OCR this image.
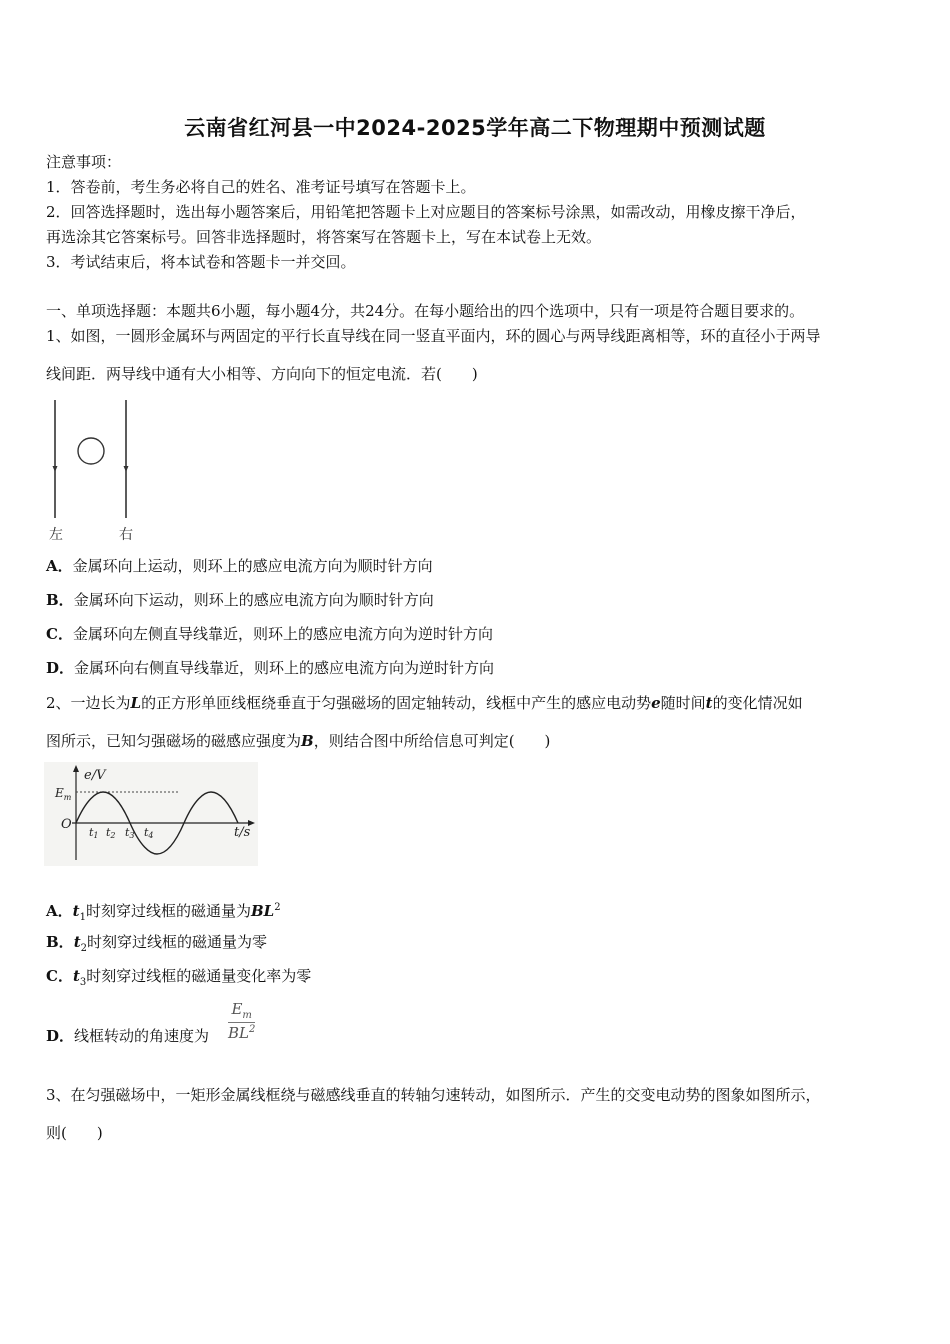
云南省红河县一中2024-2025学年高二下物理期中预测试题
注意事项：
1．答卷前，考生务必将自己的姓名、准考证号填写在答题卡上。
2．回答选择题时，选出每小题答案后，用铅笔把答题卡上对应题目的答案标号涂黑，如需改动，用橡皮擦干净后，
再选涂其它答案标号。回答非选择题时，将答案写在答题卡上，写在本试卷上无效。
3．考试结束后，将本试卷和答题卡一并交回。
一、单项选择题：本题共6小题，每小题4分，共24分。在每小题给出的四个选项中，只有一项是符合题目要求的。
1、如图，一圆形金属环与两固定的平行长直导线在同一竖直平面内，环的圆心与两导线距离相等，环的直径小于两导
线间距．两导线中通有大小相等、方向向下的恒定电流．若(　　)
左	右
A．金属环向上运动，则环上的感应电流方向为顺时针方向
B．金属环向下运动，则环上的感应电流方向为顺时针方向
C．金属环向左侧直导线靠近，则环上的感应电流方向为逆时针方向
D．金属环向右侧直导线靠近，则环上的感应电流方向为逆时针方向
2、一边长为L的正方形单匝线框绕垂直于匀强磁场的固定轴转动，线框中产生的感应电动势e随时间t的变化情况如
图所示，已知匀强磁场的磁感应强度为B，则结合图中所给信息可判定(　　)
e/V
$E_m$
O
t1 t2 t3 t4	t/s
A．$t_1$时刻穿过线框的磁通量为$BL^2$
B．$t_2$时刻穿过线框的磁通量为零
C．$t_3$时刻穿过线框的磁通量变化率为零
D．线框转动的角速度为 $\frac{E_m}{BL^2}$
3、在匀强磁场中，一矩形金属线框绕与磁感线垂直的转轴匀速转动，如图所示．产生的交变电动势的图象如图所示，
则(　　)
